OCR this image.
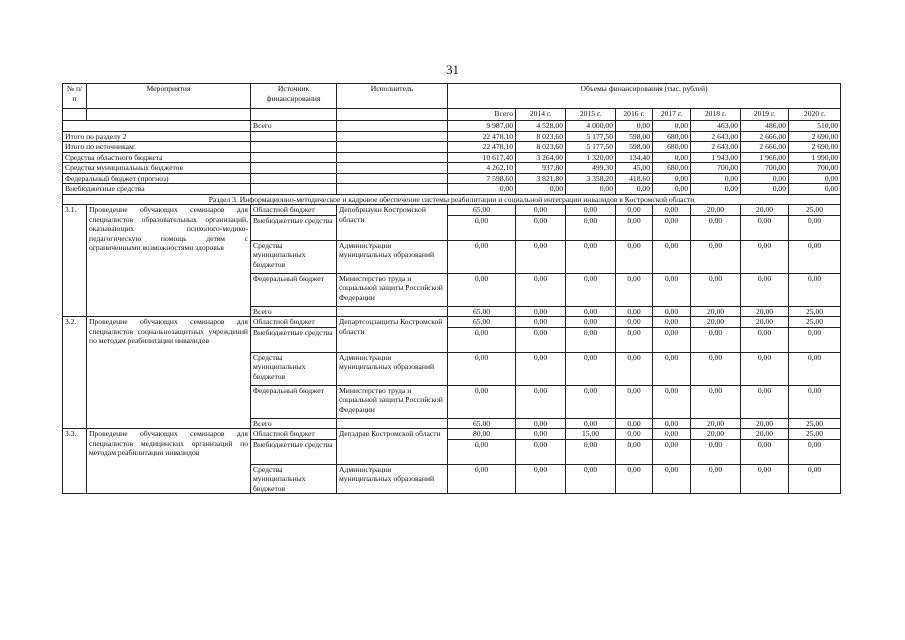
31
№ п/п	Мероприятия	Источник финансирования	Исполнитель	Объемы финансирования (тыс. рублей)							
				Всего	2014 г.	2015 г.	2016 г.	2017 г.	2018 г.	2019 г.	2020 г.
		Всего		9 987,00	4 528,00	4 000,00	0,00	0,00	463,00	486,00	510,00
Итого по разделу 2				22 478,10	8 023,60	5 177,50	598,00	680,00	2 643,00	2 666,00	2 690,00
Итого по источникам:				22 478,10	8 023,60	5 177,50	598,00	680,00	2 643,00	2 666,00	2 690,00
Средства областного бюджета				10 617,40	3 264,00	1 320,00	134,40	0,00	1 943,00	1 966,00	1 990,00
Средства муниципальных бюджетов				4 262,10	937,80	499,30	45,00	680,00	700,00	700,00	700,00
Федеральный бюджет (прогноз)				7 598,60	3 821,80	3 358,20	418,60	0,00	0,00	0,00	0,00
Внебюджетные средства				0,00	0,00	0,00	0,00	0,00	0,00	0,00	0,00
Раздел 3. Информационно-методическое и кадровое обеспечение системы реабилитации и социальной интеграции инвалидов в Костромской области											
3.1.	Проведение обучающих семинаров для специалистов образовательных организаций, оказывающих психолого-медико-педагогическую помощь детям с ограниченными возможностями здоровья	Областной бюджет	Депобрнауки Костромской области	65,00	0,00	0,00	0,00	0,00	20,00	20,00	25,00
		Внебюджетные средства		0,00	0,00	0,00	0,00	0,00	0,00	0,00	0,00
		Средства муниципальных бюджетов	Администрации муниципальных образований	0,00	0,00	0,00	0,00	0,00	0,00	0,00	0,00
		Федеральный бюджет	Министерство труда и социальной защиты Российской Федерации	0,00	0,00	0,00	0,00	0,00	0,00	0,00	0,00
		Всего		65,00	0,00	0,00	0,00	0,00	20,00	20,00	25,00
3.2.	Проведение обучающих семинаров для специалистов социальнозащитных учреждений по методам реабилитации инвалидов	Областной бюджет	Департсоцзащиты Костромской области	65,00	0,00	0,00	0,00	0,00	20,00	20,00	25,00
		Внебюджетные средства		0,00	0,00	0,00	0,00	0,00	0,00	0,00	0,00
		Средства муниципальных бюджетов	Администрации муниципальных образований	0,00	0,00	0,00	0,00	0,00	0,00	0,00	0,00
		Федеральный бюджет	Министерство труда и социальной защиты Российской Федерации	0,00	0,00	0,00	0,00	0,00	0,00	0,00	0,00
		Всего		65,00	0,00	0,00	0,00	0,00	20,00	20,00	25,00
3.3.	Проведение обучающих семинаров для специалистов медицинских организаций по методам реабилитации инвалидов	Областной бюджет	Депздрав Костромской области	80,00	0,00	15,00	0,00	0,00	20,00	20,00	25,00
		Внебюджетные средства		0,00	0,00	0,00	0,00	0,00	0,00	0,00	0,00
		Средства муниципальных бюджетов	Администрации муниципальных образований	0,00	0,00	0,00	0,00	0,00	0,00	0,00	0,00
